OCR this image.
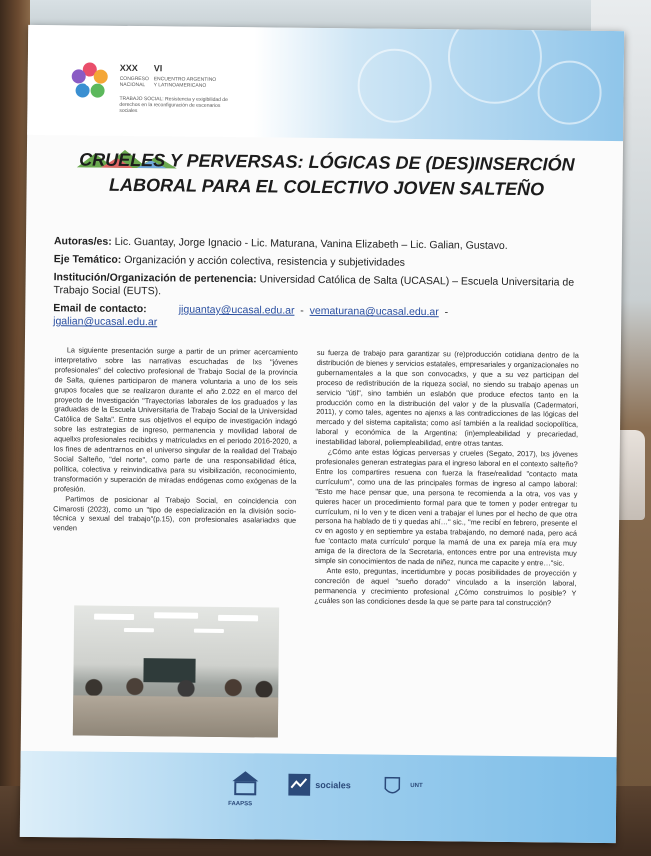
XXX VI
CONGRESO
NACIONAL
ENCUENTRO ARGENTINO
Y LATINOAMERICANO
TRABAJO SOCIAL: Resistencia y exigibilidad de derechos en la reconfiguración de escenarios sociales
CRUELES Y PERVERSAS: LÓGICAS DE (DES)INSERCIÓN LABORAL PARA EL COLECTIVO JOVEN SALTEÑO
Autoras/es: Lic. Guantay, Jorge Ignacio - Lic. Maturana, Vanina Elizabeth – Lic. Galian, Gustavo.
Eje Temático: Organización y acción colectiva, resistencia y subjetividades
Institución/Organización de pertenencia: Universidad Católica de Salta (UCASAL) – Escuela Universitaria de Trabajo Social (EUTS).
Email de contacto:	jiguantay@ucasal.edu.ar  -  vematurana@ucasal.edu.ar  -
jgalian@ucasal.edu.ar

La siguiente presentación surge a partir de un primer acercamiento interpretativo sobre las narrativas escuchadas de lxs "jóvenes profesionales" del colectivo profesional de Trabajo Social de la provincia de Salta, quienes participaron de manera voluntaria a uno de los seis grupos focales que se realizaron durante el año 2.022 en el marco del proyecto de Investigación "Trayectorias laborales de los graduados y las graduadas de la Escuela Universitaria de Trabajo Social de la Universidad Católica de Salta". Entre sus objetivos el equipo de investigación indagó sobre las estrategias de ingreso, permanencia y movilidad laboral de aquellxs profesionales recibidxs y matriculadxs en el periodo 2016-2020, a los fines de adentrarnos en el universo singular de la realidad del Trabajo Social Salteño, "del norte", como parte de una responsabilidad ética, política, colectiva y reinvindicativa para su visibilización, reconocimiento, transformación y superación de miradas endógenas como exógenas de la profesión.

Partimos de posicionar al Trabajo Social, en coincidencia con Cimarosti (2023), como un "tipo de especialización en la división socio- técnica y sexual del trabajo"(p.15), con profesionales asalariadxs que venden

su fuerza de trabajo para garantizar su (re)producción cotidiana dentro de la distribución de bienes y servicios estatales, empresariales y organizacionales no gubernamentales a la que son convocadxs, y que a su vez participan del proceso de redistribución de la riqueza social, no siendo su trabajo apenas un servicio "útil", sino también un eslabón que produce efectos tanto en la producción como en la distribución del valor y de la plusvalía (Cadermatori, 2011), y como tales, agentes no ajenxs a las contradicciones de las lógicas del mercado y del sistema capitalista; como así también a la realidad sociopolítica, laboral y económica de la Argentina: (in)empleabilidad y precariedad, inestabilidad laboral, poliempleabilidad, entre otras tantas.

¿Cómo ante estas lógicas perversas y crueles (Segato, 2017), lxs jóvenes profesionales generan estrategias para el ingreso laboral en el contexto salteño? Entre los compartires resuena con fuerza la frase/realidad "contacto mata currículum", como una de las principales formas de ingreso al campo laboral: "Esto me hace pensar que, una persona te recomienda a la otra, vos vas y quieres hacer un procedimiento formal para que te tomen y poder entregar tu currículum, ni lo ven y te dicen veni a trabajar el lunes por el hecho de que otra persona ha hablado de ti y quedas ahí…" sic., "me recibí en febrero, presente el cv en agosto y en septiembre ya estaba trabajando, no demoré nada, pero acá fue 'contacto mata currículo' porque la mamá de una ex pareja mía era muy amiga de la directora de la Secretaria, entonces entre por una entrevista muy simple sin conocimientos de nada de niñez, nunca me capacite y entre…"sic.

Ante esto, preguntas, incertidumbre y pocas posibilidades de proyección y concreción de aquel "sueño dorado" vinculado a la inserción laboral, permanencia y crecimiento profesional ¿Cómo construimos lo posible? Y ¿cuáles son las condiciones desde la que se parte para tal construcción?

FAAPSS
sociales	UNT
